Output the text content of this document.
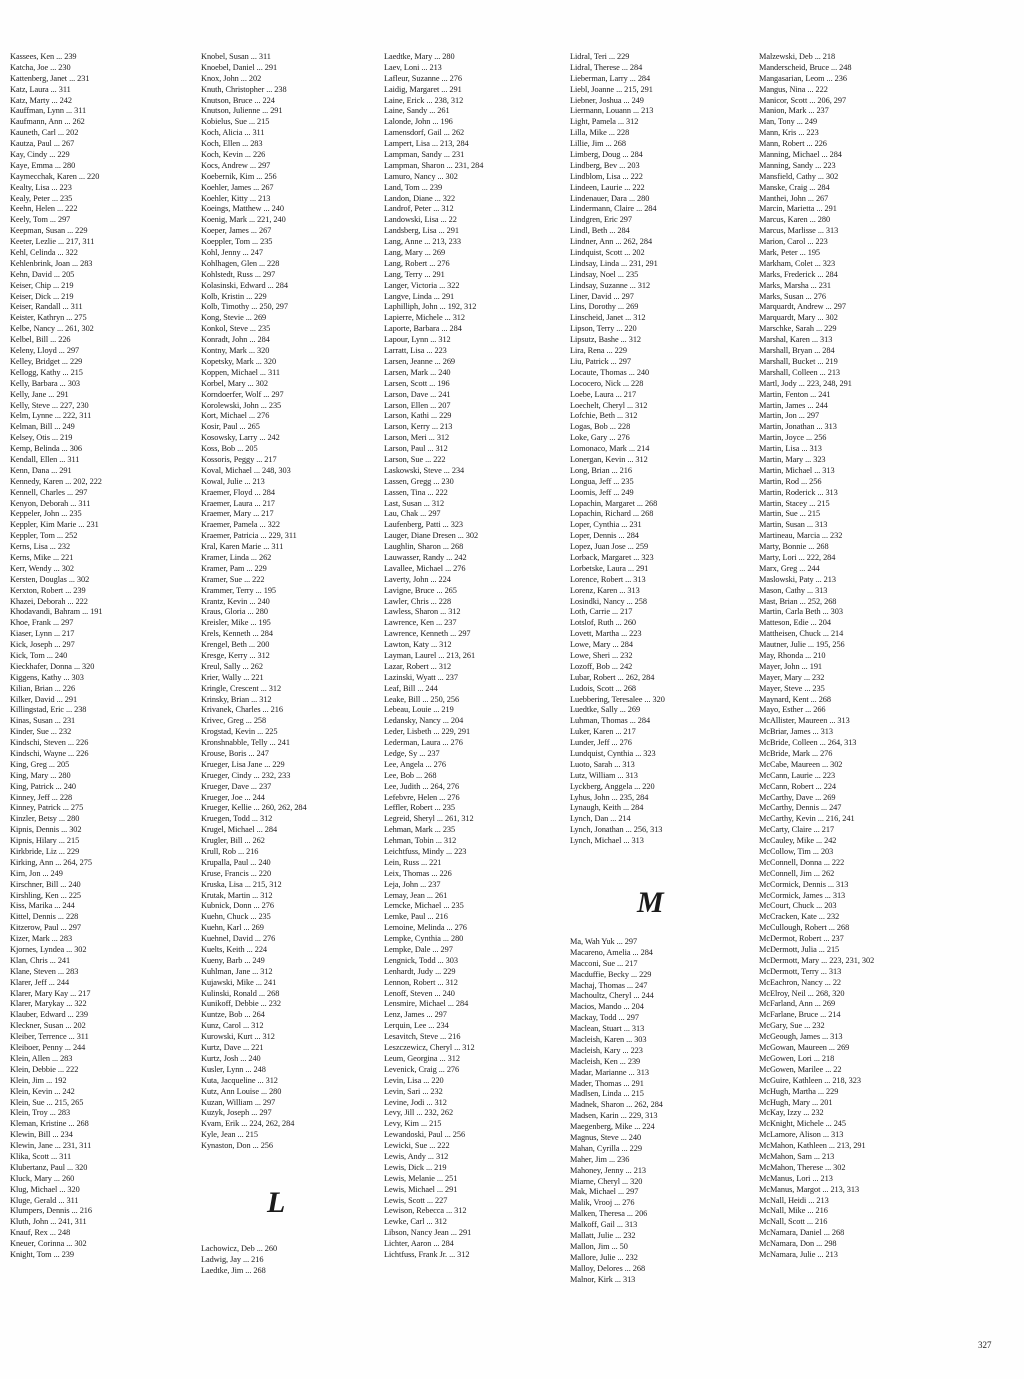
Kassees, Ken ... 239
Katcha, Joe ... 230
Kattenberg, Janet ... 231
Katz, Laura ... 311
Katz, Marty ... 242
Kauffman, Lynn ... 311
Kaufmann, Ann ... 262
Kauneth, Carl ... 202
Kautza, Paul ... 267
Kay, Cindy ... 229
Kaye, Emma ... 280
Kaymecchak, Karen ... 220
Kealty, Lisa ... 223
Kealy, Peter ... 235
Keehn, Helen ... 222
Keely, Tom ... 297
Keepman, Susan ... 229
Keeter, Lezlie ... 217, 311
Kehl, Celinda ... 322
Kehlenbrink, Joan ... 283
Kehn, David ... 205
Keiser, Chip ... 219
Keiser, Dick ... 219
Keiser, Randall ... 311
Keister, Kathryn ... 275
Kelbe, Nancy ... 261, 302
Kelbel, Bill ... 226
Keleny, Lloyd ... 297
Kelley, Bridget ... 229
Kellogg, Kathy ... 215
Kelly, Barbara ... 303
Kelly, Jane ... 291
Kelly, Steve ... 227, 230
Kelm, Lynne ... 222, 311
Kelman, Bill ... 249
Kelsey, Otis ... 219
Kemp, Belinda ... 306
Kendall, Ellen ... 311
Kenn, Dana ... 291
Kennedy, Karen ... 202, 222
Kennell, Charles ... 297
Kenyon, Deborah ... 311
Keppeler, John ... 235
Keppler, Kim Marie ... 231
Keppler, Tom ... 252
Kerns, Lisa ... 232
Kerns, Mike ... 221
Kerr, Wendy ... 302
Kersten, Douglas ... 302
Kerxton, Robert ... 239
Khazei, Deborah ... 222
Khodavandi, Bahram ... 191
Khoe, Frank ... 297
Kiaser, Lynn ... 217
Kick, Joseph ... 297
Kick, Tom ... 240
Kieckhafer, Donna ... 320
Kiggens, Kathy ... 303
Kilian, Brian ... 226
Kilker, David ... 291
Killingstad, Eric ... 238
Kinas, Susan ... 231
Kinder, Sue ... 232
Kindschi, Steven ... 226
Kindschi, Wayne ... 226
King, Greg ... 205
King, Mary ... 280
King, Patrick ... 240
Kinney, Jeff ... 228
Kinney, Patrick ... 275
Kinzler, Betsy ... 280
Kipnis, Dennis ... 302
Kipnis, Hilary ... 215
Kirkbride, Liz ... 229
Kirking, Ann ... 264, 275
Kirn, Jon ... 249
Kirschner, Bill ... 240
Kirshling, Ken ... 225
Kiss, Marika ... 244
Kittel, Dennis ... 228
Kitzerow, Paul ... 297
Kizer, Mark ... 283
Kjornes, Lyndea ... 302
Klan, Chris ... 241
Klane, Steven ... 283
Klarer, Jeff ... 244
Klarer, Mary Kay ... 217
Klarer, Marykay ... 322
Klauber, Edward ... 239
Kleckner, Susan ... 202
Kleiber, Terrence ... 311
Kleiboer, Penny ... 244
Klein, Allen ... 283
Klein, Debbie ... 222
Klein, Jim ... 192
Klein, Kevin ... 242
Klein, Sue ... 215, 265
Klein, Troy ... 283
Kleman, Kristine ... 268
Klewin, Bill ... 234
Klewin, Jane ... 231, 311
Klika, Scott ... 311
Klubertanz, Paul ... 320
Kluck, Mary ... 260
Klug, Michael ... 320
Kluge, Gerald ... 311
Klumpers, Dennis ... 216
Kluth, John ... 241, 311
Knauf, Rex ... 248
Kneuer, Corinna ... 302
Knight, Tom ... 239
Knobel, Susan ... 311
Knoebel, Daniel ... 291
Knox, John ... 202
Knuth, Christopher ... 238
Knutson, Bruce ... 224
Knutson, Julienne ... 291
Kobielus, Sue ... 215
Koch, Alicia ... 311
Koch, Ellen ... 283
Koch, Kevin ... 226
Kocs, Andrew ... 297
Koebernik, Kim ... 256
Koehler, James ... 267
Koehler, Kitty ... 213
Koeings, Matthew ... 240
Koenig, Mark ... 221, 240
Koeper, James ... 267
Koeppler, Tom ... 235
Kohl, Jenny ... 247
Kohlhagen, Glen ... 228
Kohlstedt, Russ ... 297
Kolasinski, Edward ... 284
Kolb, Kristin ... 229
Kolb, Timothy ... 250, 297
Kong, Stevie ... 269
Konkol, Steve ... 235
Konradt, John ... 284
Kontny, Mark ... 320
Kopetsky, Mark ... 320
Koppen, Michael ... 311
Korbel, Mary ... 302
Korndoerfer, Wolf ... 297
Korolewski, John ... 235
Kort, Michael ... 276
Kosir, Paul ... 265
Kosowsky, Larry ... 242
Koss, Bob ... 205
Kossoris, Peggy ... 217
Koval, Michael ... 248, 303
Kowal, Julie ... 213
Kraemer, Floyd ... 284
Kraemer, Laura ... 217
Kraemer, Mary ... 217
Kraemer, Pamela ... 322
Kraemer, Patricia ... 229, 311
Kral, Karen Marie ... 311
Kramer, Linda ... 262
Kramer, Pam ... 229
Kramer, Sue ... 222
Krammer, Terry ... 195
Krantz, Kevin ... 240
Kraus, Gloria ... 280
Kreisler, Mike ... 195
Krels, Kenneth ... 284
Krengel, Beth ... 200
Kresge, Kerry ... 312
Kreul, Sally ... 262
Krier, Wally ... 221
Kringle, Crescent ... 312
Krinsky, Brian ... 312
Krivanek, Charles ... 216
Krivec, Greg ... 258
Krogstad, Kevin ... 225
Kronshnabble, Telly ... 241
Krouse, Boris ... 247
Krueger, Lisa Jane ... 229
Krueger, Cindy ... 232, 233
Krueger, Dave ... 237
Krueger, Joe ... 244
Krueger, Kellie ... 260, 262, 284
Kruegen, Todd ... 312
Krugel, Michael ... 284
Krugler, Bill ... 262
Krull, Rob ... 216
Krupalla, Paul ... 240
Kruse, Francis ... 220
Kruska, Lisa ... 215, 312
Krutak, Martin ... 312
Kubnick, Donn ... 276
Kuehn, Chuck ... 235
Kuehn, Karl ... 269
Kuehnel, David ... 276
Kuelts, Keith ... 224
Kueny, Barb ... 249
Kuhlman, Jane ... 312
Kujawski, Mike ... 241
Kulinski, Ronald ... 268
Kunikoff, Debbie ... 232
Kuntze, Bob ... 264
Kunz, Carol ... 312
Kurowski, Kurt ... 312
Kurtz, Dave ... 221
Kurtz, Josh ... 240
Kusler, Lynn ... 248
Kuta, Jacqueline ... 312
Kutz, Ann Louise ... 280
Kuzan, William ... 297
Kuzyk, Joseph ... 297
Kvam, Erik ... 224, 262, 284
Kyle, Jean ... 215
Kynaston, Don ... 256
Laedtke, Mary ... 280
Laev, Loni ... 213
Lafleur, Suzanne ... 276
Laidig, Margaret ... 291
Laine, Erick ... 238, 312
Laine, Sandy ... 261
Lalonde, John ... 196
Lamensdorf, Gail ... 262
Lampert, Lisa ... 213, 284
Lampman, Sandy ... 231
Lampman, Sharon ... 231, 284
Lamuro, Nancy ... 302
Land, Tom ... 239
Landon, Diane ... 322
Landrof, Peter ... 312
Landowski, Lisa ... 22
Landsberg, Lisa ... 291
Lang, Anne ... 213, 233
Lang, Mary ... 269
Lang, Robert ... 276
Lang, Terry ... 291
Langer, Victoria ... 322
Langve, Linda ... 291
Laphilliph, John ... 192, 312
Lapierre, Michele ... 312
Laporte, Barbara ... 284
Lapour, Lynn ... 312
Larratt, Lisa ... 223
Larsen, Jeanne ... 269
Larsen, Mark ... 240
Larsen, Scott ... 196
Larson, Dave ... 241
Larson, Ellen ... 207
Larson, Kathi ... 229
Larson, Kerry ... 213
Larson, Meri ... 312
Larson, Paul ... 312
Larson, Sue ... 222
Laskowski, Steve ... 234
Lassen, Gregg ... 230
Lassen, Tina ... 222
Last, Susan ... 312
Lau, Chak ... 297
Laufenberg, Patti ... 323
Lauger, Diane Dresen ... 302
Laughlin, Sharon ... 268
Lauwasser, Randy ... 242
Lavallee, Michael ... 276
Laverty, John ... 224
Lavigne, Bruce ... 265
Lawler, Chris ... 228
Lawless, Sharon ... 312
Lawrence, Ken ... 237
Lawrence, Kenneth ... 297
Lawton, Katy ... 312
Layman, Laurel ... 213, 261
Lazar, Robert ... 312
Lazinski, Wyatt ... 237
Leaf, Bill ... 244
Leake, Bill ... 250, 256
Lebeau, Louie ... 219
Ledansky, Nancy ... 204
Leder, Lisbeth ... 229, 291
Lederman, Laura ... 276
Ledge, Sy ... 237
Lee, Angela ... 276
Lee, Bob ... 268
Lee, Judith ... 264, 276
Lefebvre, Helen ... 276
Leffler, Robert ... 235
Legreid, Sheryl ... 261, 312
Lehman, Mark ... 235
Lehman, Tobin ... 312
Leichtfuss, Mindy ... 223
Lein, Russ ... 221
Leix, Thomas ... 226
Leja, John ... 237
Lemay, Jean ... 261
Lemcke, Michael ... 235
Lemke, Paul ... 216
Lemoine, Melinda ... 276
Lempke, Cynthia ... 280
Lempke, Dale ... 297
Lengnick, Todd ... 303
Lenhardt, Judy ... 229
Lennon, Robert ... 312
Lenoff, Steven ... 240
Lensmire, Michael ... 284
Lenz, James ... 297
Lerquin, Lee ... 234
Lesavitch, Steve ... 216
Leszczewicz, Cheryl ... 312
Leum, Georgina ... 312
Levenick, Craig ... 276
Levin, Lisa ... 220
Levin, Sari ... 232
Levine, Jodi ... 312
Levy, Jill ... 232, 262
Levy, Kim ... 215
Lewandoski, Paul ... 256
Lewicki, Sue ... 222
Lewis, Andy ... 312
Lewis, Dick ... 219
Lewis, Melanie ... 251
Lewis, Michael ... 291
Lewis, Scott ... 227
Lewison, Rebecca ... 312
Lewke, Carl ... 312
Libson, Nancy Jean ... 291
Lichter, Aaron ... 284
Lichtfuss, Frank Jr. ... 312
Lidral, Teri ... 229
Lidral, Therese ... 284
Lieberman, Larry ... 284
Liebl, Joanne ... 215, 291
Liebner, Joshua ... 249
Liermann, Louann ... 213
Light, Pamela ... 312
Lilla, Mike ... 228
Lillie, Jim ... 268
Limberg, Doug ... 284
Lindberg, Bev ... 203
Lindblom, Lisa ... 222
Lindeen, Laurie ... 222
Lindenauer, Dara ... 280
Lindermann, Claire ... 284
Lindgren, Eric 297
Lindl, Beth ... 284
Lindner, Ann ... 262, 284
Lindquist, Scott ... 202
Lindsay, Linda ... 231, 291
Lindsay, Noel ... 235
Lindsay, Suzanne ... 312
Liner, David ... 297
Lins, Dorothy ... 269
Linscheid, Janet ... 312
Lipson, Terry ... 220
Lipsutz, Bashe ... 312
Lira, Rena ... 229
Liu, Patrick ... 297
Locaute, Thomas ... 240
Lococero, Nick ... 228
Loebe, Laura ... 217
Loechelt, Cheryl ... 312
Lofchie, Beth ... 312
Logas, Bob ... 228
Loke, Gary ... 276
Lomonaco, Mark ... 214
Lonergan, Kevin ... 312
Long, Brian ... 216
Longua, Jeff ... 235
Loomis, Jeff ... 249
Lopachin, Margaret ... 268
Lopachin, Richard ... 268
Loper, Cynthia ... 231
Loper, Dennis ... 284
Lopez, Juan Jose ... 259
Lorback, Margaret ... 323
Lorbetske, Laura ... 291
Lorence, Robert ... 313
Lorenz, Karen ... 313
Losindki, Nancy ... 258
Loth, Carrie ... 217
Lotslof, Ruth ... 260
Lovett, Martha ... 223
Lowe, Mary ... 284
Lowe, Sheri ... 232
Lozoff, Bob ... 242
Lubar, Robert ... 262, 284
Ludois, Scott ... 268
Luebbering, Teresalee ... 320
Luedtke, Sally ... 269
Luhman, Thomas ... 284
Luker, Karen ... 217
Lunder, Jeff ... 276
Lundquist, Cynthia ... 323
Luoto, Sarah ... 313
Lutz, William ... 313
Lyckberg, Anggela ... 220
Lyhus, John ... 235, 284
Lynaugh, Keith ... 284
Lynch, Dan ... 214
Lynch, Jonathan ... 256, 313
Lynch, Michael ... 313
Malzewski, Deb ... 218
Manderscheid, Bruce ... 248
Mangasarian, Leom ... 236
Mangus, Nina ... 222
Manicor, Scott ... 206, 297
Manion, Mark ... 237
Man, Tony ... 249
Mann, Kris ... 223
Mann, Robert ... 226
Manning, Michael ... 284
Manning, Sandy ... 223
Mansfield, Cathy ... 302
Manske, Craig ... 284
Manthei, John ... 267
Marcin, Marietta ... 291
Marcus, Karen ... 280
Marcus, Marlisse ... 313
Marion, Carol ... 223
Mark, Peter ... 195
Markham, Colet ... 323
Marks, Frederick ... 284
Marks, Marsha ... 231
Marks, Susan ... 276
Marquardt, Andrew ... 297
Marquardt, Mary ... 302
Marschke, Sarah ... 229
Marshal, Karen ... 313
Marshall, Bryan ... 284
Marshall, Bucket ... 219
Marshall, Colleen ... 213
Martl, Jody ... 223, 248, 291
Martin, Fenton ... 241
Martin, James ... 244
Martin, Jon ... 297
Martin, Jonathan ... 313
Martin, Joyce ... 256
Martin, Lisa ... 313
Martin, Mary ... 323
Martin, Michael ... 313
Martin, Rod ... 256
Martin, Roderick ... 313
Martin, Stacey ... 215
Martin, Sue ... 215
Martin, Susan ... 313
Martineau, Marcia ... 232
Marty, Bonnie ... 268
Marty, Lori ... 222, 284
Marx, Greg ... 244
Maslowski, Paty ... 213
Mason, Cathy ... 313
Mast, Brian ... 252, 268
Martin, Carla Beth ... 303
Matteson, Edie ... 204
Mattheisen, Chuck ... 214
Mautner, Julie ... 195, 256
May, Rhonda ... 210
Mayer, John ... 191
Mayer, Mary ... 232
Mayer, Steve ... 235
Maynard, Kent ... 268
Mayo, Esther ... 266
McAllister, Maureen ... 313
McBriar, James ... 313
McBride, Colleen ... 264, 313
McBride, Mark ... 276
McCabe, Maureen ... 302
McCann, Laurie ... 223
McCann, Robert ... 224
McCarthy, Dave ... 269
McCarthy, Dennis ... 247
McCarthy, Kevin ... 216, 241
McCarty, Claire ... 217
McCauley, Mike ... 242
McCollow, Tim ... 203
McConnell, Donna ... 222
McConnell, Jim ... 262
McCormick, Dennis ... 313
McCormick, James ... 313
McCourt, Chuck ... 203
McCracken, Kate ... 232
McCullough, Robert ... 268
McDermot, Robert ... 237
McDermott, Julia ... 215
McDermott, Mary ... 223, 231, 302
McDermott, Terry ... 313
McEachron, Nancy ... 22
McElroy, Neil ... 268, 320
McFarland, Ann ... 269
McFarlane, Bruce ... 214
McGary, Sue ... 232
McGeough, James ... 313
McGowan, Maureen ... 269
McGowen, Lori ... 218
McGowen, Marilee ... 22
McGuire, Kathleen ... 218, 323
McHugh, Martha ... 229
McHugh, Mary ... 201
McKay, Izzy ... 232
McKnight, Michele ... 245
McLamore, Alison ... 313
McMahon, Kathleen ... 213, 291
McMahon, Sam ... 213
McMahon, Therese ... 302
McManus, Lori ... 213
McManus, Margot ... 213, 313
McNall, Heidi ... 213
McNall, Mike ... 216
McNall, Scott ... 216
McNamara, Daniel ... 268
McNamara, Don ... 298
McNamara, Julie ... 213
Lachowicz, Deb ... 260
Ladwig, Jay ... 216
Laedtke, Jim ... 268
Ma, Wah Yuk ... 297
Macareno, Amelia ... 284
Macconi, Sue ... 217
Macduffie, Becky ... 229
Machaj, Thomas ... 247
Machoultz, Cheryl ... 244
Macios, Mando ... 204
Mackay, Todd ... 297
Maclean, Stuart ... 313
Macleish, Karen ... 303
Macleish, Kary ... 223
Macleish, Ken ... 239
Madar, Marianne ... 313
Mader, Thomas ... 291
Madlsen, Linda ... 215
Madnek, Sharon ... 262, 284
Madsen, Karin ... 229, 313
Maegenberg, Mike ... 224
Magnus, Steve ... 240
Mahan, Cyrilla ... 229
Maher, Jim ... 236
Mahoney, Jenny ... 213
Miarne, Cheryl ... 320
Mak, Michael ... 297
Malik, Vrooj ... 276
Malken, Theresa ... 206
Malkoff, Gail ... 313
Mallatt, Julie ... 232
Mallon, Jim ... 50
Mallore, Julie ... 232
Malloy, Delores ... 268
Malnor, Kirk ... 313
L
M
327
